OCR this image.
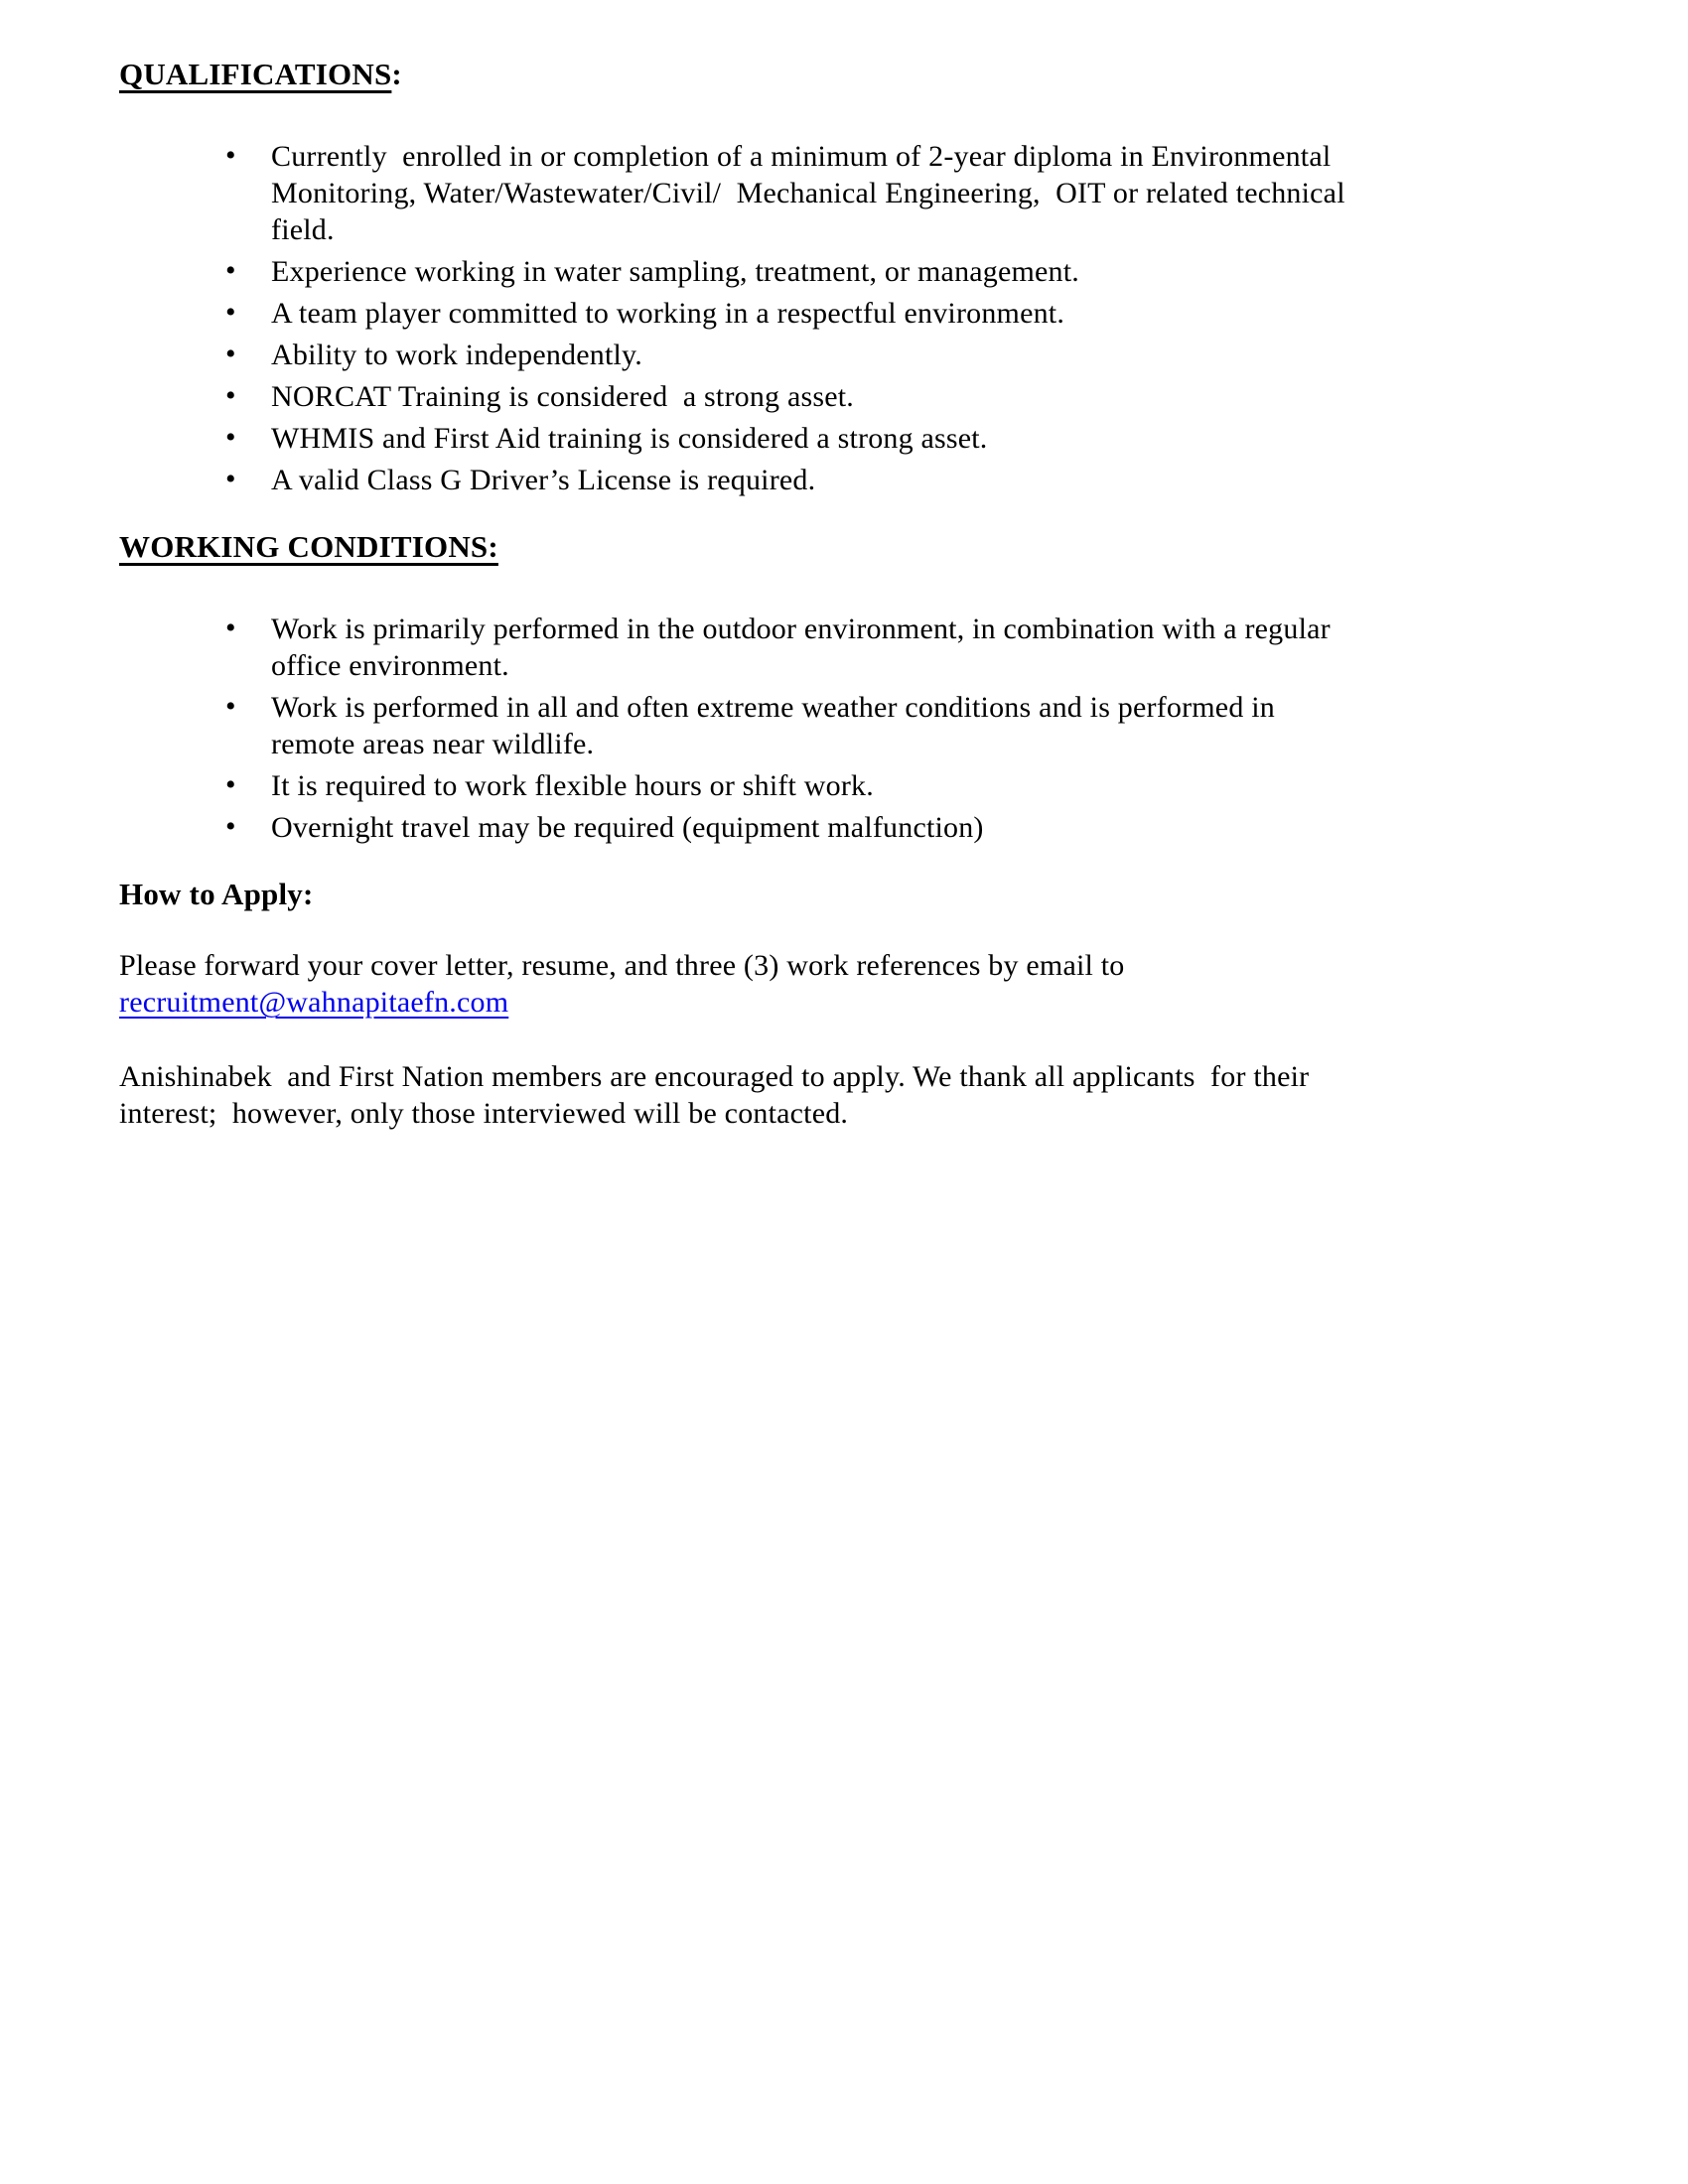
QUALIFICATIONS:
• Currently  enrolled in or completion of a minimum of 2-year diploma in Environmental
Monitoring, Water/Wastewater/Civil/  Mechanical Engineering,  OIT or related technical
field.
• Experience working in water sampling, treatment, or management.
• A team player committed to working in a respectful environment.
• Ability to work independently.
• NORCAT Training is considered  a strong asset.
• WHMIS and First Aid training is considered a strong asset.
• A valid Class G Driver’s License is required.
WORKING CONDITIONS:
• Work is primarily performed in the outdoor environment, in combination with a regular
office environment.
• Work is performed in all and often extreme weather conditions and is performed in
remote areas near wildlife.
• It is required to work flexible hours or shift work.
• Overnight travel may be required (equipment malfunction)
How to Apply:

Please forward your cover letter, resume, and three (3) work references by email to
recruitment@wahnapitaefn.com

Anishinabek  and First Nation members are encouraged to apply. We thank all applicants  for their
interest;  however, only those interviewed will be contacted.
